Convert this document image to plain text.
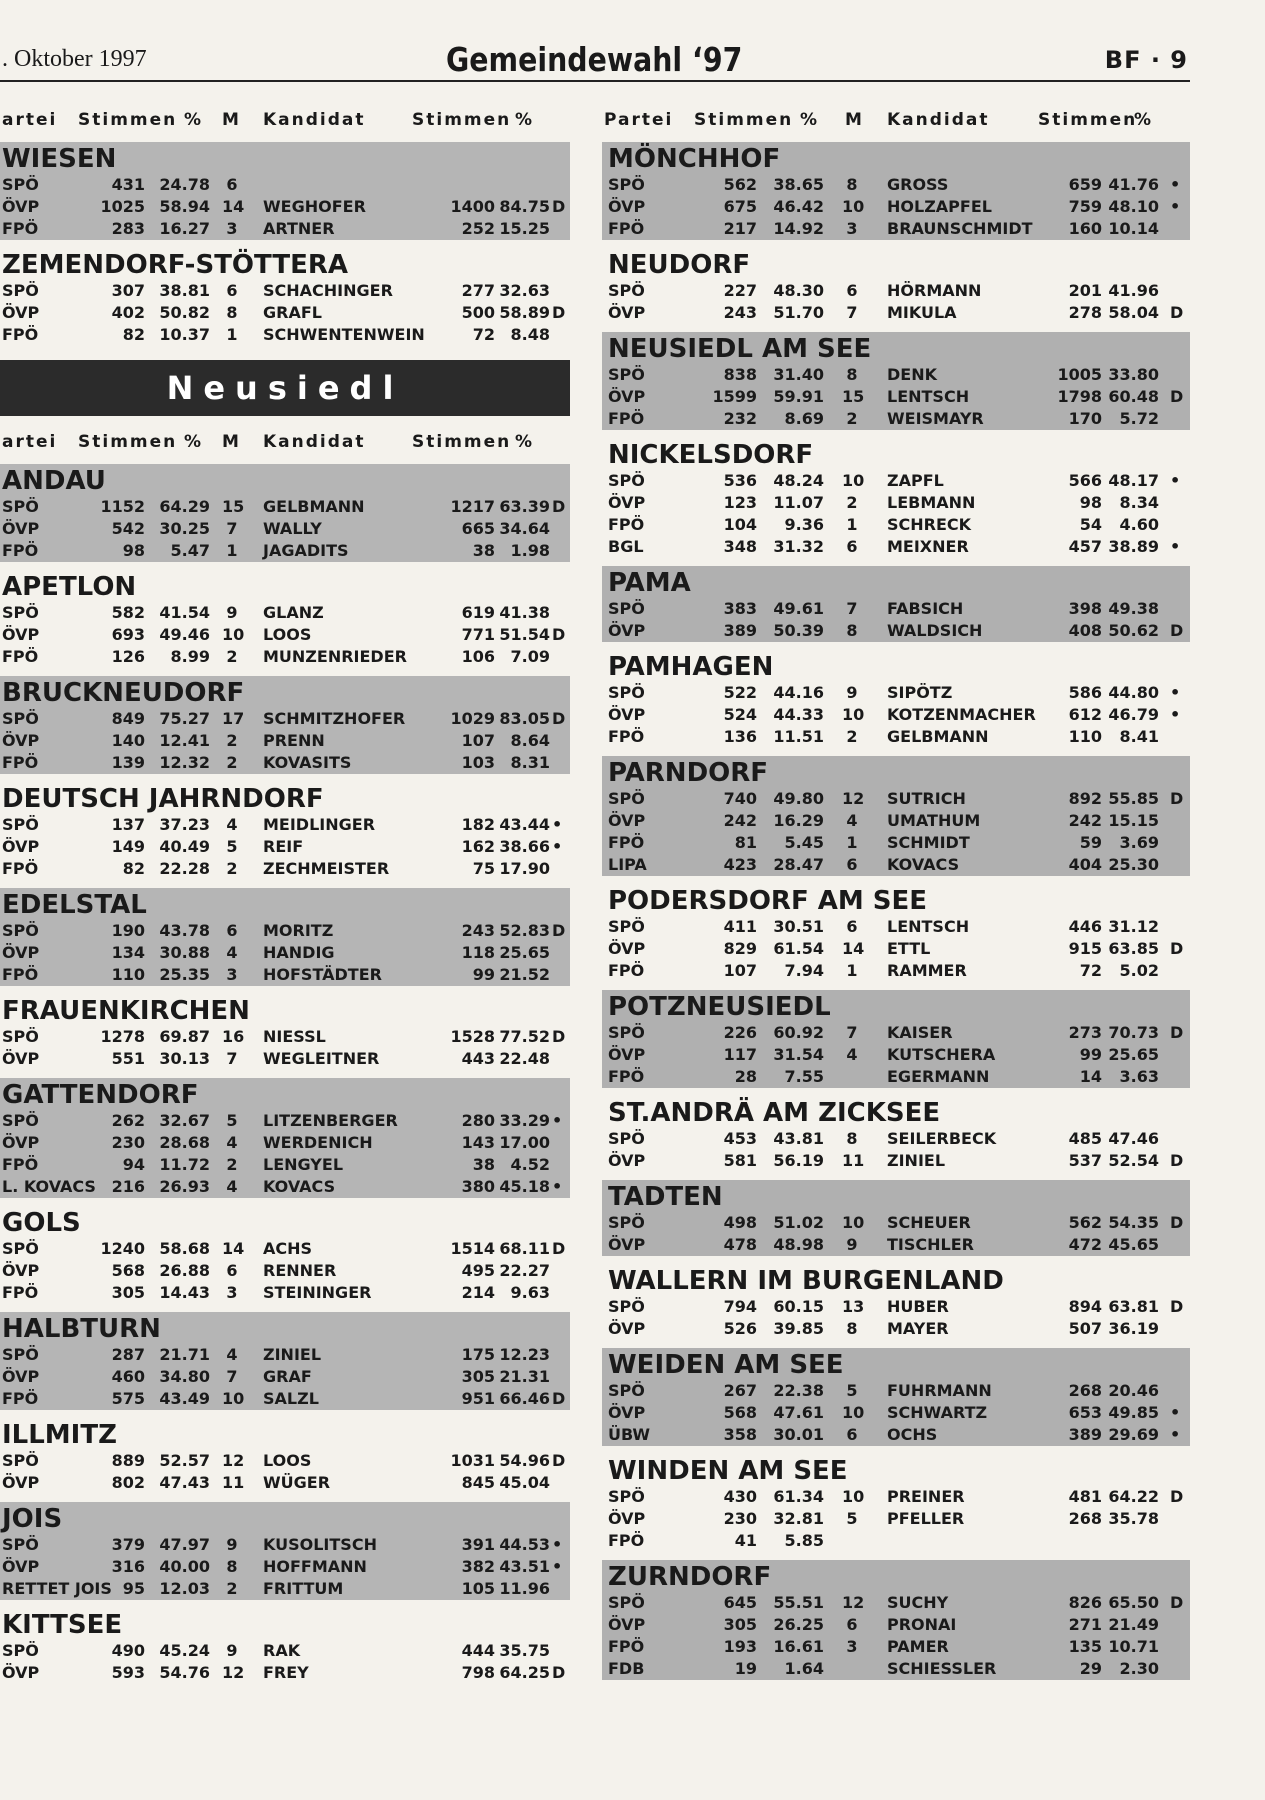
. Oktober 1997	Gemeindewahl ‘97	BF · 9
artei Stimmen % M Kandidat	Stimmen %
WIESEN
SPÖ	431 24.78 6
ÖVP	1025 58.94 14 WEGHOFER	1400 84.75 D
FPÖ	283 16.27 3 ARTNER	252 15.25
ZEMENDORF-STÖTTERA
SPÖ	307 38.81 6 SCHACHINGER	277 32.63
ÖVP	402 50.82 8 GRAFL	500 58.89 D
FPÖ	82 10.37 1 SCHWENTENWEIN	72 8.48
Neusiedl
artei Stimmen % M Kandidat	Stimmen %
ANDAU
SPÖ	1152 64.29 15 GELBMANN	1217 63.39 D
ÖVP	542 30.25 7 WALLY	665 34.64
FPÖ	98	5.47 1 JAGADITS	38 1.98
APETLON
SPÖ	582 41.54 9 GLANZ	619 41.38
ÖVP	693 49.46 10 LOOS	771 51.54 D
FPÖ	126	8.99 2 MUNZENRIEDER	106 7.09
BRUCKNEUDORF
SPÖ	849 75.27 17 SCHMITZHOFER	1029 83.05 D
ÖVP	140 12.41 2 PRENN	107 8.64
FPÖ	139 12.32 2 KOVASITS	103 8.31
DEUTSCH JAHRNDORF
SPÖ	137 37.23 4 MEIDLINGER	182 43.44 •
ÖVP	149 40.49 5 REIF	162 38.66 •
FPÖ	82 22.28 2 ZECHMEISTER	75 17.90
EDELSTAL
SPÖ	190 43.78 6 MORITZ	243 52.83 D
ÖVP	134 30.88 4 HANDIG	118 25.65
FPÖ	110 25.35 3 HOFSTÄDTER	99 21.52
FRAUENKIRCHEN
SPÖ	1278 69.87 16 NIESSL	1528 77.52 D
ÖVP	551 30.13 7 WEGLEITNER	443 22.48
GATTENDORF
SPÖ	262 32.67 5 LITZENBERGER	280 33.29 •
ÖVP	230 28.68 4 WERDENICH	143 17.00
FPÖ	94 11.72 2 LENGYEL	38 4.52
L. KOVACS 216 26.93 4 KOVACS	380 45.18 •
GOLS
SPÖ	1240 58.68 14 ACHS	1514 68.11 D
ÖVP	568 26.88 6 RENNER	495 22.27
FPÖ	305 14.43 3 STEININGER	214 9.63
HALBTURN
SPÖ	287 21.71 4 ZINIEL	175 12.23
ÖVP	460 34.80 7 GRAF	305 21.31
FPÖ	575 43.49 10 SALZL	951 66.46 D
ILLMITZ
SPÖ	889 52.57 12 LOOS	1031 54.96 D
ÖVP	802 47.43 11 WÜGER	845 45.04
JOIS
SPÖ	379 47.97 9 KUSOLITSCH	391 44.53 •
ÖVP	316 40.00 8 HOFFMANN	382 43.51 •
RETTET JOIS 95 12.03 2 FRITTUM	105 11.96
KITTSEE
SPÖ	490 45.24 9 RAK	444 35.75
ÖVP	593 54.76 12 FREY	798 64.25 D
Partei Stimmen % M Kandidat	Stimmen
%
MÖNCHHOF
SPÖ	562	38.65 8 GROSS	659 41.76 •
ÖVP	675	46.42 10 HOLZAPFEL	759 48.10 •
FPÖ	217	14.92 3 BRAUNSCHMIDT	160 10.14
NEUDORF
SPÖ	227	48.30 6 HÖRMANN	201 41.96
ÖVP	243	51.70 7 MIKULA	278 58.04 D
NEUSIEDL AM SEE
SPÖ	838	31.40 8 DENK	1005 33.80
ÖVP	1599	59.91 15 LENTSCH	1798 60.48 D
FPÖ	232	8.69 2 WEISMAYR	170	5.72
NICKELSDORF
SPÖ	536	48.24 10 ZAPFL	566 48.17 •
ÖVP	123	11.07 2 LEBMANN	98	8.34
FPÖ	104	9.36 1 SCHRECK	54	4.60
BGL	348	31.32 6 MEIXNER	457 38.89 •
PAMA
SPÖ	383	49.61 7 FABSICH	398 49.38
ÖVP	389	50.39 8 WALDSICH	408 50.62 D
PAMHAGEN
SPÖ	522	44.16 9 SIPÖTZ	586 44.80 •
ÖVP	524	44.33 10 KOTZENMACHER	612 46.79 •
FPÖ	136	11.51 2 GELBMANN	110	8.41
PARNDORF
SPÖ	740	49.80 12 SUTRICH	892 55.85 D
ÖVP	242	16.29 4 UMATHUM	242 15.15
FPÖ	81	5.45 1 SCHMIDT	59	3.69
LIPA	423	28.47 6 KOVACS	404 25.30
PODERSDORF AM SEE
SPÖ	411	30.51 6 LENTSCH	446 31.12
ÖVP	829	61.54 14 ETTL	915 63.85 D
FPÖ	107	7.94 1 RAMMER	72	5.02
POTZNEUSIEDL
SPÖ	226	60.92 7 KAISER	273 70.73 D
ÖVP	117	31.54 4 KUTSCHERA	99 25.65
FPÖ	28	7.55	EGERMANN	14	3.63
ST.ANDRÄ AM ZICKSEE
SPÖ	453	43.81 8 SEILERBECK	485 47.46
ÖVP	581	56.19 11 ZINIEL	537 52.54 D
TADTEN
SPÖ	498	51.02 10 SCHEUER	562 54.35 D
ÖVP	478	48.98 9 TISCHLER	472 45.65
WALLERN IM BURGENLAND
SPÖ	794	60.15 13 HUBER	894 63.81 D
ÖVP	526	39.85 8 MAYER	507 36.19
WEIDEN AM SEE
SPÖ	267	22.38 5 FUHRMANN	268 20.46
ÖVP	568	47.61 10 SCHWARTZ	653 49.85 •
ÜBW	358	30.01 6 OCHS	389 29.69 •
WINDEN AM SEE
SPÖ	430	61.34 10 PREINER	481 64.22 D
ÖVP	230	32.81 5 PFELLER	268 35.78
FPÖ	41	5.85
ZURNDORF
SPÖ	645	55.51 12 SUCHY	826 65.50 D
ÖVP	305	26.25 6 PRONAI	271 21.49
FPÖ	193	16.61 3 PAMER	135 10.71
FDB	19	1.64	SCHIESSLER	29	2.30
